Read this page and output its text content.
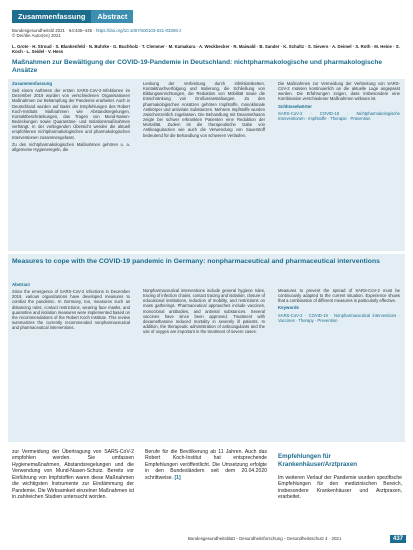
Zusammenfassung	Abstract
Bundesgesundheitsbl 2021 · 64:435–445 · https://doi.org/10.1007/s00103-021-03306-z
© Der/die Autor(en) 2021
L. Grote · H. Stroud · S. Blankenfeld · N. Buhrke · G. Buchholz · T. Clemmer · M. Kamakura · A. Weckbecker · R. Maiwald · B. Sander · K. Schultz · S. Sievers · A. Deimel · S. Roth · M. Heine · S. Koch · L. Seidel · V. Hess
Maßnahmen zur Bewältigung der COVID-19-Pandemie in Deutschland: nichtpharmakologische und pharmakologische Ansätze

Zusammenfassung

Seit einem Auftreten der ersten SARS-CoV-2-Infektionen im Dezember 2019 wurden von verschiedenen Organisationen Maßnahmen zur Bekämpfung der Pandemie erarbeitet. Auch in Deutschland wurden auf Basis der Empfehlungen des Robert Koch-Instituts Maßnahmen wie Abstandsregelungen, Kontaktbeschränkungen, das Tragen von Mund-Nasen-Bedeckungen sowie Quarantäne- und Isolationsmaßnahmen verhängt. In der vorliegenden Übersicht werden die aktuell empfohlenen nichtpharmakologischen und pharmakologischen Interventionen zusammengefasst.

Zu den nichtpharmakologischen Maßnahmen gehören u. a. allgemeine Hygieneregeln, die

Lenkung der Verbreitung durch Infektionsketten, Kontaktnachverfolgung und Isolierung, die Schließung von Bildungseinrichtungen, die Reduktion von Mobilität sowie die Einschränkung von Großveranstaltungen. Zu den pharmakologischen Ansätzen gehören Impfstoffe, monoklonale Antikörper und antivirale Substanzen. Mehrere Impfstoffe wurden zwischenzeitlich zugelassen. Die Behandlung mit Dexamethason zeigte bei schwer erkrankten Patienten eine Reduktion der Mortalität. Zudem ist die therapeutische Gabe von Antikoagulanzien wie auch die Verwendung von Sauerstoff bedeutend für die Behandlung von schweren Verläufen.

Die Maßnahmen zur Vermeidung der Verbreitung von SARS-CoV-2 müssen kontinuierlich an die aktuelle Lage angepasst werden. Die Erfahrungen zeigen, dass insbesondere eine Kombination verschiedener Maßnahmen wirksam ist.

Schlüsselwörter

SARS-CoV-2 · COVID-19 · Nichtpharmakologische Interventionen · Impfstoffe · Therapie · Prävention

Measures to cope with the COVID-19 pandemic in Germany: nonpharmaceutical and pharmaceutical interventions

Abstract

Since the emergence of SARS-CoV-2 infections in December 2019, various organizations have developed measures to combat the pandemic. In Germany, too, measures such as distancing rules, contact restrictions, wearing face masks, and quarantine and isolation measures were implemented based on the recommendations of the Robert Koch Institute. This review summarizes the currently recommended nonpharmaceutical and pharmaceutical interventions.

Nonpharmaceutical interventions include general hygiene rules, tracing of infection chains, contact tracing and isolation, closure of educational institutions, reduction of mobility, and restrictions on mass gatherings. Pharmaceutical approaches include vaccines, monoclonal antibodies, and antiviral substances. Several vaccines have since been approved. Treatment with dexamethasone reduced mortality in severely ill patients. In addition, the therapeutic administration of anticoagulants and the use of oxygen are important in the treatment of severe cases.

Measures to prevent the spread of SARS-CoV-2 must be continuously adapted to the current situation. Experience shows that a combination of different measures is particularly effective.

Keywords

SARS-CoV-2 · COVID-19 · Nonpharmaceutical interventions · Vaccines · Therapy · Prevention

zur Vermeidung der Übertragung von SARS-CoV-2 empfohlen werden. Sie umfassen Hygienemaßnahmen, Abstandsregelungen und die Verwendung von Mund-Nasen-Schutz. Bereits vor Einführung von Impfstoffen waren diese Maßnahmen die wichtigsten Instrumente zur Eindämmung der Pandemie. Die Wirksamkeit einzelner Maßnahmen ist in zahlreichen Studien untersucht worden.
Berufe für die Bevölkerung ab 11 Jahren. Auch das Robert Koch-Institut hat entsprechende Empfehlungen veröffentlicht. Die Umsetzung erfolgte in den Bundesländern seit dem 20.04.2020 schrittweise. [1]
Empfehlungen für Krankenhäuser/Arztpraxen
Im weiteren Verlauf der Pandemie wurden spezifische Empfehlungen für den medizinischen Bereich, insbesondere Krankenhäuser und Arztpraxen, erarbeitet.
Bundesgesundheitsblatt - Gesundheitsforschung - Gesundheitsschutz 4 · 2021	437
